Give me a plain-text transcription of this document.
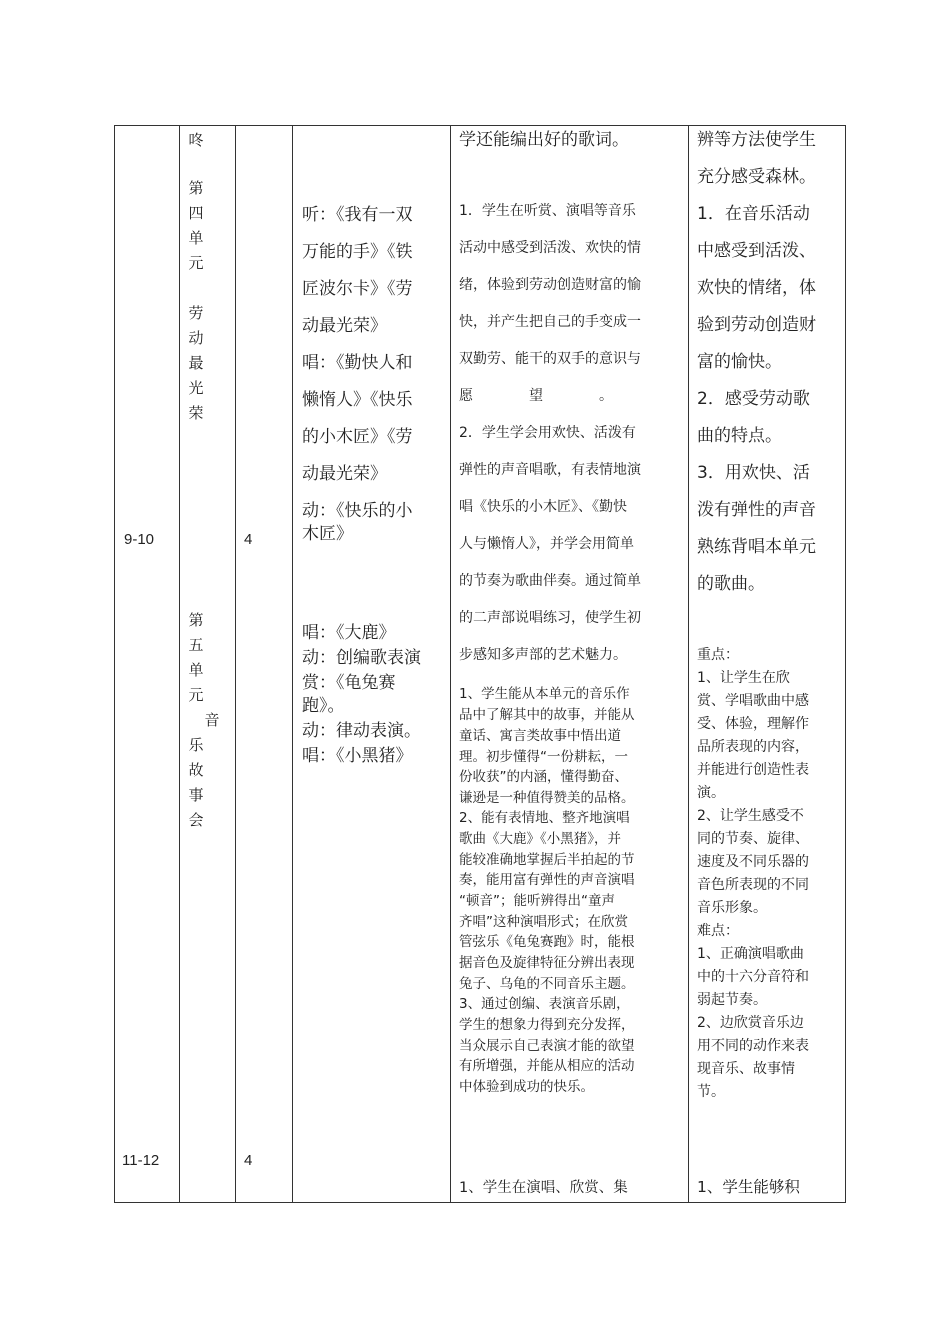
9-10
11-12
4
4
咚
第
四
单
元
劳
动
最
光
荣
第
五
单
元
音
乐
故
事
会
听：《我有一双
万能的手》《铁
匠波尔卡》《劳
动最光荣》
唱：《勤快人和
懒惰人》《快乐
的小木匠》《劳
动最光荣》
动：《快乐的小
木匠》
唱：《大鹿》
动：创编歌表演
赏：《龟兔赛
跑》。
动：律动表演。
唱：《小黑猪》
学还能编出好的歌词。
1．学生在听赏、演唱等音乐
活动中感受到活泼、欢快的情
绪，体验到劳动创造财富的愉
快，并产生把自己的手变成一
双勤劳、能干的双手的意识与
愿　　　　望　　　　。
2．学生学会用欢快、活泼有
弹性的声音唱歌，有表情地演
唱《快乐的小木匠》、《勤快
人与懒惰人》，并学会用简单
的节奏为歌曲伴奏。通过简单
的二声部说唱练习，使学生初
步感知多声部的艺术魅力。
1、学生能从本单元的音乐作
品中了解其中的故事，并能从
童话、寓言类故事中悟出道
理。初步懂得“一份耕耘，一
份收获”的内涵，懂得勤奋、
谦逊是一种值得赞美的品格。
2、能有表情地、整齐地演唱
歌曲《大鹿》《小黑猪》，并
能较准确地掌握后半拍起的节
奏，能用富有弹性的声音演唱
“顿音”；能听辨得出“童声
齐唱”这种演唱形式；在欣赏
管弦乐《龟兔赛跑》时，能根
据音色及旋律特征分辨出表现
兔子、乌龟的不同音乐主题。
3、通过创编、表演音乐剧，
学生的想象力得到充分发挥，
当众展示自己表演才能的欲望
有所增强，并能从相应的活动
中体验到成功的快乐。
1、学生在演唱、欣赏、集
辨等方法使学生
充分感受森林。
1．在音乐活动
中感受到活泼、
欢快的情绪，体
验到劳动创造财
富的愉快。
2．感受劳动歌
曲的特点。
3．用欢快、活
泼有弹性的声音
熟练背唱本单元
的歌曲。
重点：
1、让学生在欣
赏、学唱歌曲中感
受、体验，理解作
品所表现的内容，
并能进行创造性表
演。
2、让学生感受不
同的节奏、旋律、
速度及不同乐器的
音色所表现的不同
音乐形象。
难点：
1、正确演唱歌曲
中的十六分音符和
弱起节奏。
2、边欣赏音乐边
用不同的动作来表
现音乐、故事情
节。
1、学生能够积
